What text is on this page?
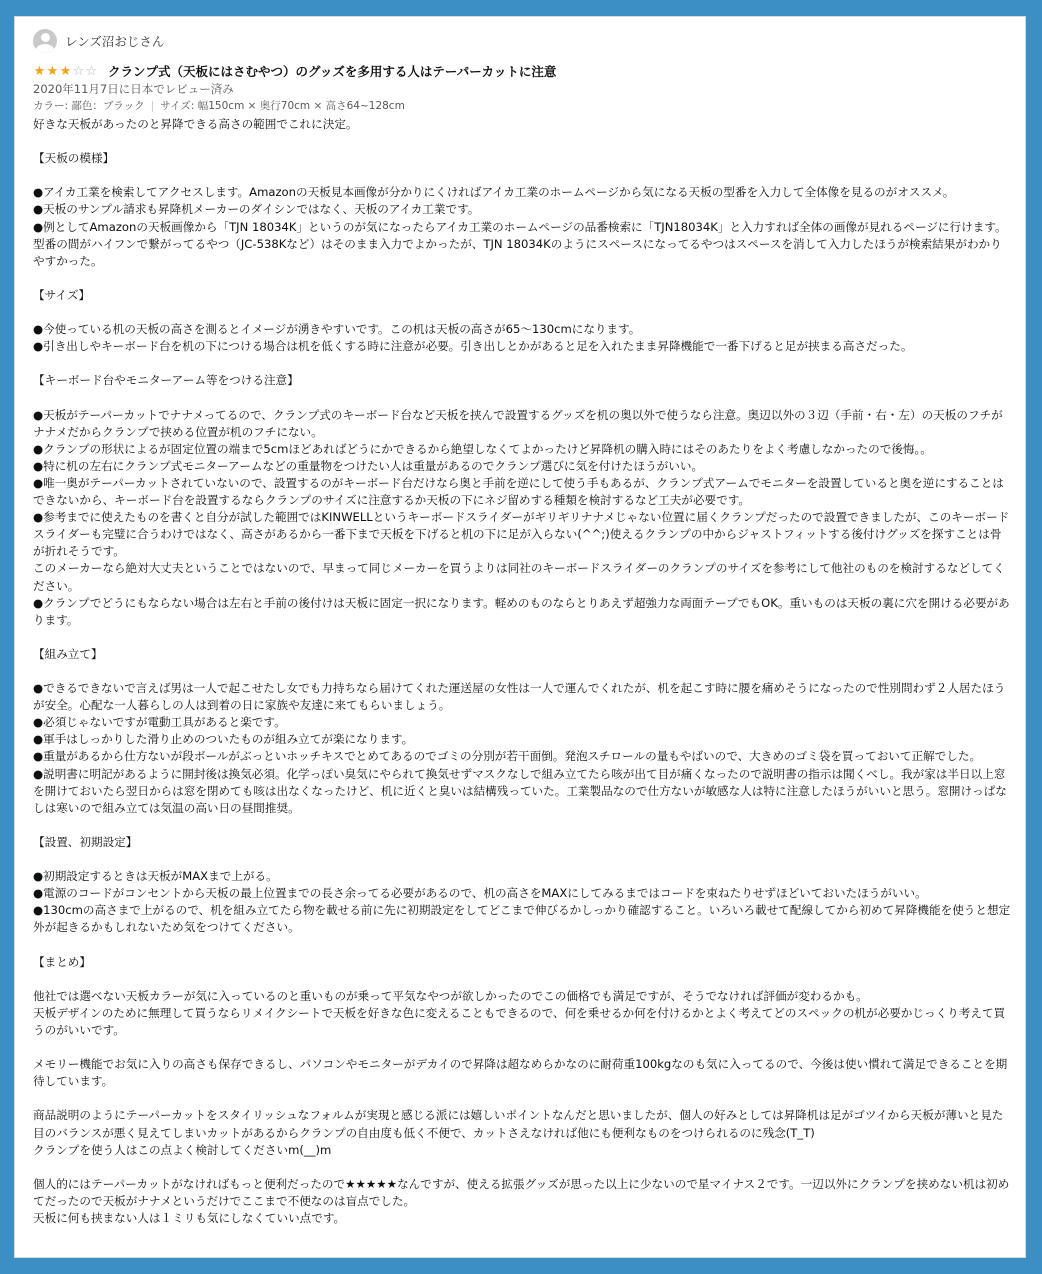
レンズ沼おじさん
★ ★ ★ ☆ ☆ クランプ式（天板にはさむやつ）のグッズを多用する人はテーパーカットに注意
2020年11月7日に日本でレビュー済み
カラー: 鄙色：ブラック | サイズ: 幅150cm × 奥行70cm × 高さ64~128cm
好きな天板があったのと昇降できる高さの範囲でこれに決定。

【天板の模様】

●アイカ工業を検索してアクセスします。Amazonの天板見本画像が分かりにくければアイカ工業のホームページから気になる天板の型番を入力して全体像を見るのがオススメ。
●天板のサンプル請求も昇降机メーカーのダイシンではなく、天板のアイカ工業です。
●例としてAmazonの天板画像から「TJN 18034K」というのが気になったらアイカ工業のホームページの品番検索に「TJN18034K」と入力すれば全体の画像が見れるページに行けます。型番の間がハイフンで繋がってるやつ（JC-538Kなど）はそのまま入力でよかったが、TJN 18034Kのようにスペースになってるやつはスペースを消して入力したほうが検索結果がわかりやすかった。

【サイズ】

●今使っている机の天板の高さを測るとイメージが湧きやすいです。この机は天板の高さが65～130cmになります。
●引き出しやキーボード台を机の下につける場合は机を低くする時に注意が必要。引き出しとかがあると足を入れたまま昇降機能で一番下げると足が挟まる高さだった。

【キーボード台やモニターアーム等をつける注意】

●天板がテーパーカットでナナメってるので、クランプ式のキーボード台など天板を挟んで設置するグッズを机の奥以外で使うなら注意。奥辺以外の３辺（手前・右・左）の天板のフチがナナメだからクランプで挟める位置が机のフチにない。
●クランプの形状によるが固定位置の端まで5cmほどあればどうにかできるから絶望しなくてよかったけど昇降机の購入時にはそのあたりをよく考慮しなかったので後悔。。
●特に机の左右にクランプ式モニターアームなどの重量物をつけたい人は重量があるのでクランプ選びに気を付けたほうがいい。
●唯一奥がテーパーカットされていないので、設置するのがキーボード台だけなら奥と手前を逆にして使う手もあるが、クランプ式アームでモニターを設置していると奥を逆にすることはできないから、キーボード台を設置するならクランプのサイズに注意するか天板の下にネジ留めする種類を検討するなど工夫が必要です。
●参考までに使えたものを書くと自分が試した範囲ではKINWELLというキーボードスライダーがギリギリナナメじゃない位置に届くクランプだったので設置できましたが、このキーボードスライダーも完璧に合うわけではなく、高さがあるから一番下まで天板を下げると机の下に足が入らない(^^;)使えるクランプの中からジャストフィットする後付けグッズを探すことは骨が折れそうです。
このメーカーなら絶対大丈夫ということではないので、早まって同じメーカーを買うよりは同社のキーボードスライダーのクランプのサイズを参考にして他社のものを検討するなどしてください。
●クランプでどうにもならない場合は左右と手前の後付けは天板に固定一択になります。軽めのものならとりあえず超強力な両面テープでもOK。重いものは天板の裏に穴を開ける必要があります。

【組み立て】

●できるできないで言えば男は一人で起こせたし女でも力持ちなら届けてくれた運送屋の女性は一人で運んでくれたが、机を起こす時に腰を痛めそうになったので性別問わず２人居たほうが安全。心配な一人暮らしの人は到着の日に家族や友達に来てもらいましょう。
●必須じゃないですが電動工具があると楽です。
●軍手はしっかりした滑り止めのついたものが組み立てが楽になります。
●重量があるから仕方ないが段ボールがぶっといホッチキスでとめてあるのでゴミの分別が若干面倒。発泡スチロールの量もやばいので、大きめのゴミ袋を買っておいて正解でした。
●説明書に明記があるように開封後は換気必須。化学っぽい臭気にやられて換気せずマスクなしで組み立てたら咳が出て目が痛くなったので説明書の指示は聞くべし。我が家は半日以上窓を開けておいたら翌日からは窓を閉めても咳は出なくなったけど、机に近くと臭いは結構残っていた。工業製品なので仕方ないが敏感な人は特に注意したほうがいいと思う。窓開けっぱなしは寒いので組み立ては気温の高い日の昼間推奨。

【設置、初期設定】

●初期設定するときは天板がMAXまで上がる。
●電源のコードがコンセントから天板の最上位置までの長さ余ってる必要があるので、机の高さをMAXにしてみるまではコードを束ねたりせずほどいておいたほうがいい。
●130cmの高さまで上がるので、机を組み立てたら物を載せる前に先に初期設定をしてどこまで伸びるかしっかり確認すること。いろいろ載せて配線してから初めて昇降機能を使うと想定外が起きるかもしれないため気をつけてください。

【まとめ】

他社では選べない天板カラーが気に入っているのと重いものが乗って平気なやつが欲しかったのでこの価格でも満足ですが、そうでなければ評価が変わるかも。
天板デザインのために無理して買うならリメイクシートで天板を好きな色に変えることもできるので、何を乗せるか何を付けるかとよく考えてどのスペックの机が必要かじっくり考えて買うのがいいです。

メモリー機能でお気に入りの高さも保存できるし、パソコンやモニターがデカイので昇降は超なめらかなのに耐荷重100kgなのも気に入ってるので、今後は使い慣れて満足できることを期待しています。

商品説明のようにテーパーカットをスタイリッシュなフォルムが実現と感じる派には嬉しいポイントなんだと思いましたが、個人の好みとしては昇降机は足がゴツイから天板が薄いと見た目のバランスが悪く見えてしまいカットがあるからクランプの自由度も低く不便で、カットさえなければ他にも便利なものをつけられるのに残念(T_T)
クランプを使う人はこの点よく検討してくださいm(__)m

個人的にはテーパーカットがなければもっと便利だったので★★★★★なんですが、使える拡張グッズが思った以上に少ないので星マイナス２です。一辺以外にクランプを挟めない机は初めてだったので天板がナナメというだけでここまで不便なのは盲点でした。
天板に何も挟まない人は１ミリも気にしなくていい点です。
